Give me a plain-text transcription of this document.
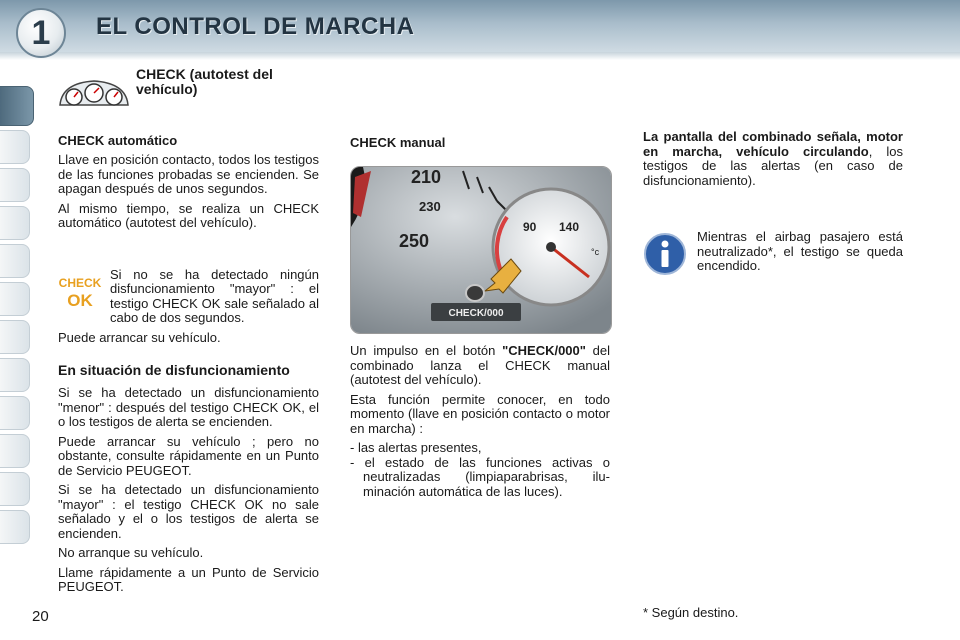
1 EL CONTROL DE MARCHA
CHECK (autotest del vehículo)

CHECK automático

Llave en posición contacto, todos los testigos de las funciones probadas se encienden. Se apagan después de unos segundos.

Al mismo tiempo, se realiza un CHECK automático (autotest del vehículo).

CHECK
OK

Si no se ha detectado ningún disfuncionamiento "mayor" : el testigo CHECK OK sale señalado al cabo de dos segundos.

Puede arrancar su vehículo.

En situación de disfuncionamiento

Si se ha detectado un disfuncionamiento "menor" : después del testigo CHECK OK, el o los testigos de alerta se encienden.

Puede arrancar su vehículo ; pero no obstante, consulte rápidamente en un Punto de Servicio PEUGEOT.

Si se ha detectado un disfuncionamiento "mayor" : el testigo CHECK OK no sale señalado y el o los testigos de alerta se encienden.

No arranque su vehículo.

Llame rápidamente a un Punto de Servicio PEUGEOT.

CHECK manual

210
230
250
90 140
°c
CHECK/000

Un impulso en el botón "CHECK/000" del combinado lanza el CHECK manual (autotest del vehículo).

Esta función permite conocer, en todo momento (llave en posición contacto o motor en marcha) :

- las alertas presentes,
- el estado de las funciones activas o neutralizadas (limpiaparabrisas, iluminación automática de las luces).

La pantalla del combinado señala, motor en marcha, vehículo circulando, los testigos de las alertas (en caso de disfuncionamiento).

Mientras el airbag pasajero está neutralizado*, el testigo se queda encendido.

20	* Según destino.
